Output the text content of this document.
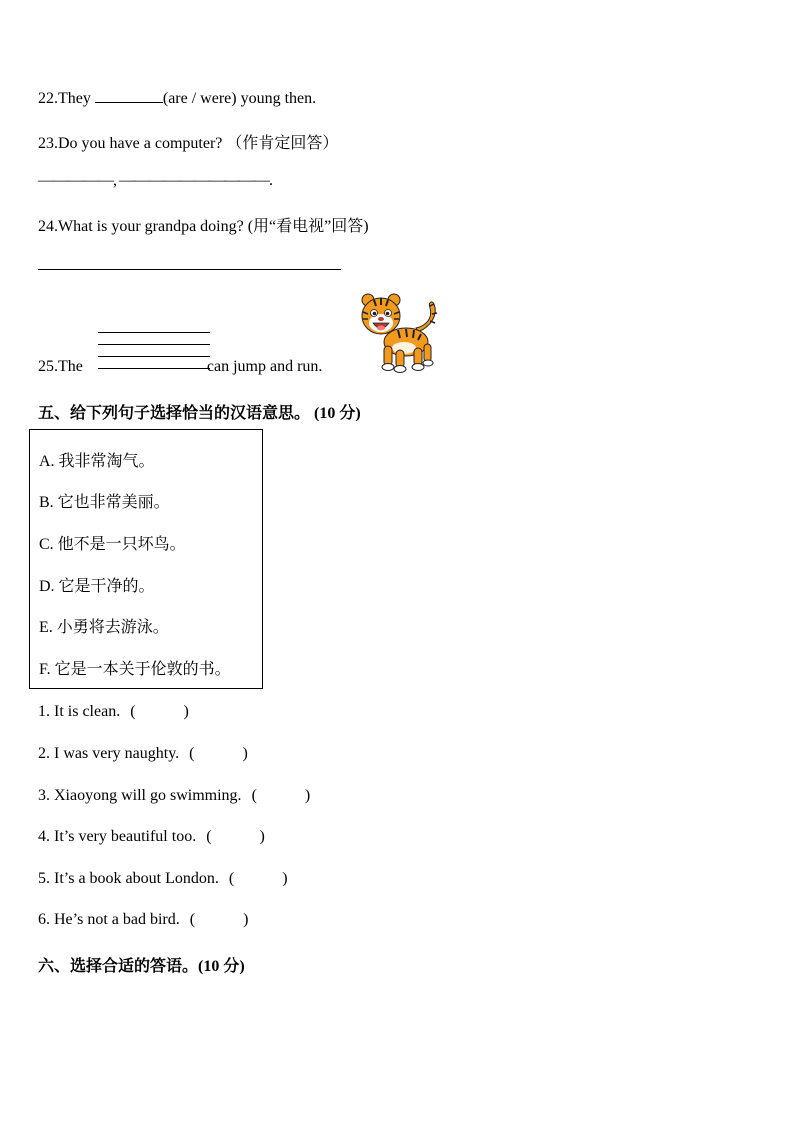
22.They	(are / were) young then.
23.Do you have a computer? （作肯定回答）
—————, ——————————.
24.What is your grandpa doing? (用“看电视”回答)
25.The	can jump and run.
五、给下列句子选择恰当的汉语意思。 (10 分)
A. 我非常淘气。
B. 它也非常美丽。
C. 他不是一只坏鸟。
D. 它是干净的。
E. 小勇将去游泳。
F. 它是一本关于伦敦的书。
1. It is clean. (            )
2. I was very naughty. (            )
3. Xiaoyong will go swimming. (            )
4. It’s very beautiful too. (            )
5. It’s a book about London. (            )
6. He’s not a bad bird. (            )
六、选择合适的答语。(10 分)
